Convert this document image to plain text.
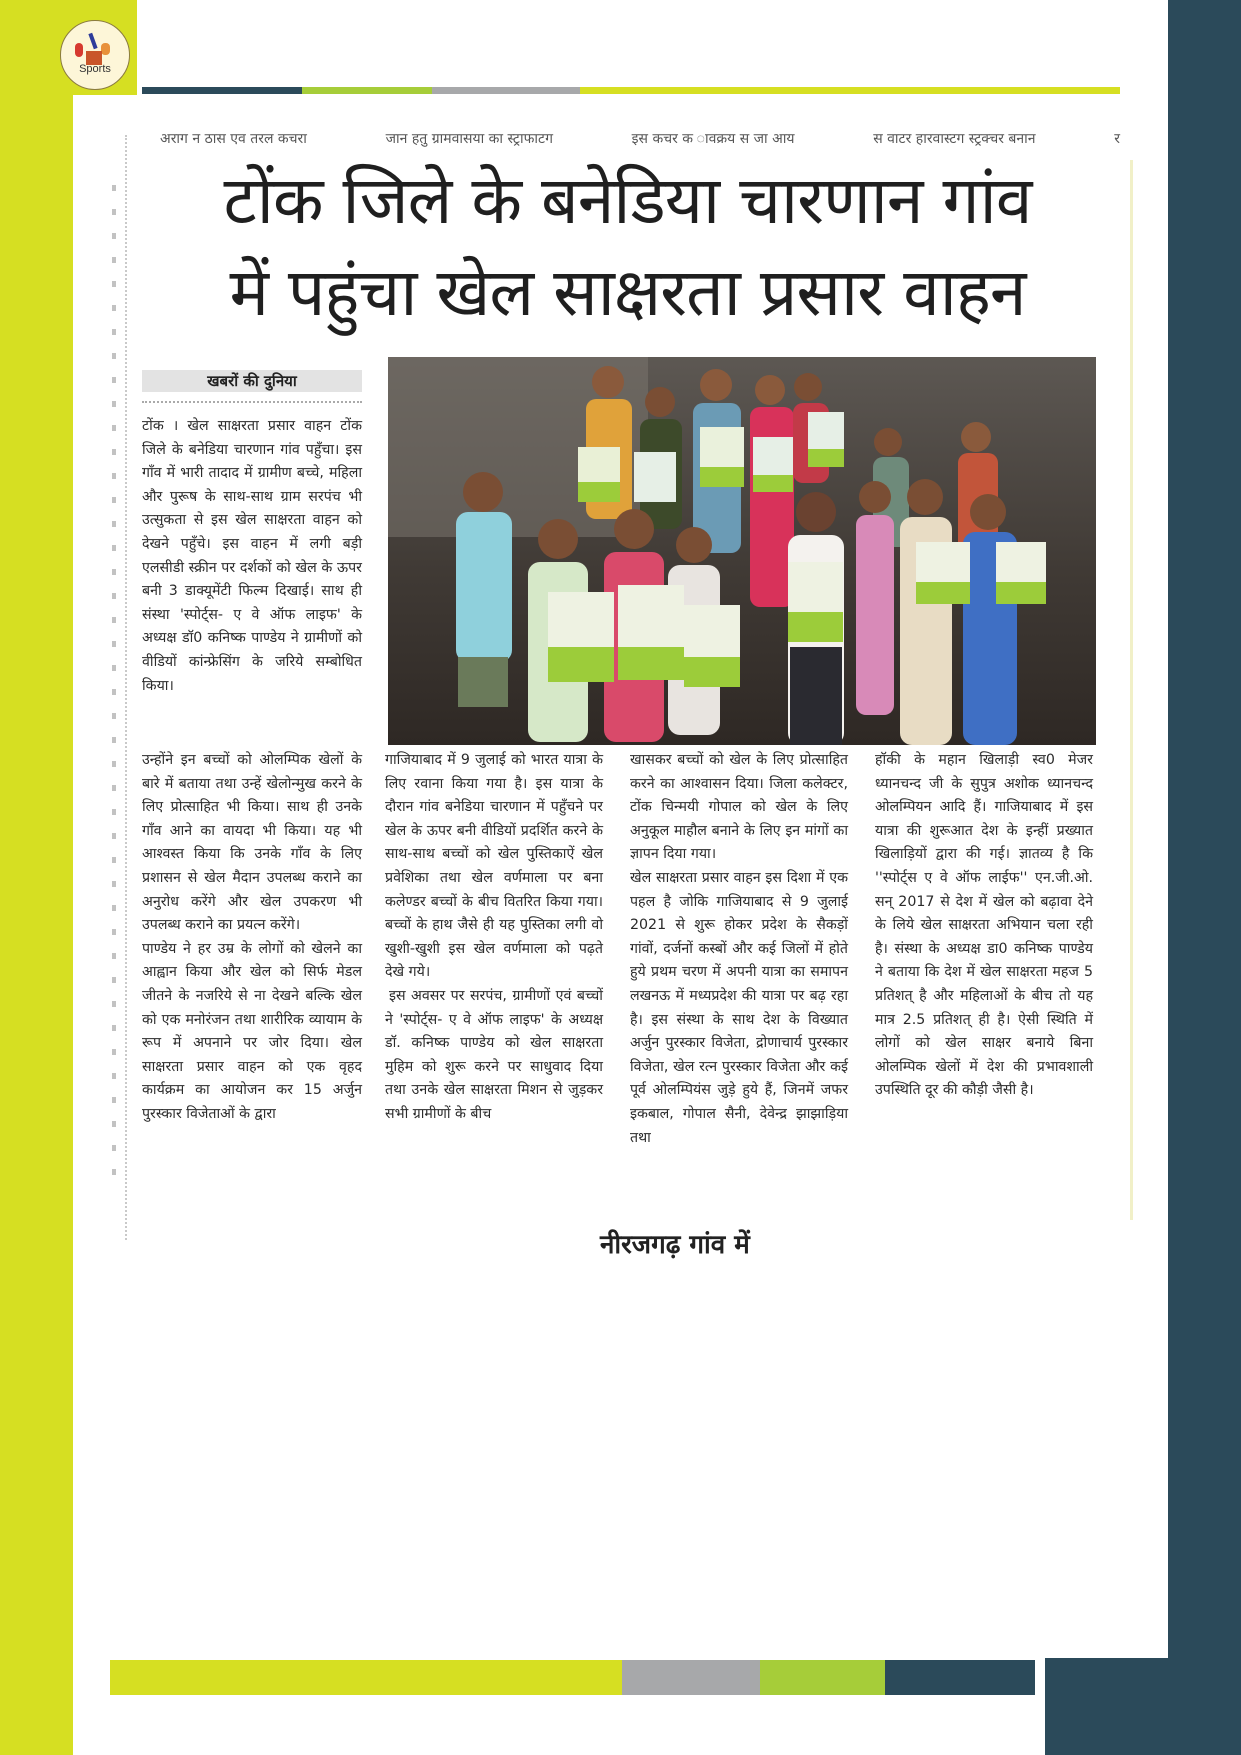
Sports
अराग न ठास एव तरल कचरा	जान हतु ग्रामवासया का स्ट्राफाटग	इस कचर क ावक्रय स जा आय	स वाटर हारवास्टग स्ट्रक्चर बनान	र
टोंक जिले के बनेडिया चारणान गांव
में पहुंचा खेल साक्षरता प्रसार वाहन
खबरों की दुनिया

टोंक । खेल साक्षरता प्रसार वाहन टोंक जिले के बनेडिया चारणान गांव पहुँचा। इस गाँव में भारी तादाद में ग्रामीण बच्चे, महिला और पुरूष के साथ-साथ ग्राम सरपंच भी उत्सुकता से इस खेल साक्षरता वाहन को देखने पहुँचे। इस वाहन में लगी बड़ी एलसीडी स्क्रीन पर दर्शकों को खेल के ऊपर बनी 3 डाक्यूमेंटी फिल्म दिखाई। साथ ही संस्था 'स्पोर्ट्स- ए वे ऑफ लाइफ' के अध्यक्ष डॉ0 कनिष्क पाण्डेय ने ग्रामीणों को वीडियों कांन्फ्रेसिंग के जरिये सम्बोधित किया।

उन्होंने इन बच्चों को ओलम्पिक खेलों के बारे में बताया तथा उन्हें खेलोन्मुख करने के लिए प्रोत्साहित भी किया। साथ ही उनके गाँव आने का वायदा भी किया। यह भी आश्वस्त किया कि उनके गाँव के लिए प्रशासन से खेल मैदान उपलब्ध कराने का अनुरोध करेंगे और खेल उपकरण भी उपलब्ध कराने का प्रयत्न करेंगे।

पाण्डेय ने हर उम्र के लोगों को खेलने का आह्वान किया और खेल को सिर्फ मेडल जीतने के नजरिये से ना देखने बल्कि खेल को एक मनोरंजन तथा शारीरिक व्यायाम के रूप में अपनाने पर जोर दिया। खेल साक्षरता प्रसार वाहन को एक वृहद कार्यक्रम का आयोजन कर 15 अर्जुन पुरस्कार विजेताओं के द्वारा

गाजियाबाद में 9 जुलाई को भारत यात्रा के लिए रवाना किया गया है। इस यात्रा के दौरान गांव बनेडिया चारणान में पहुँचने पर खेल के ऊपर बनी वीडियों प्रदर्शित करने के साथ-साथ बच्चों को खेल पुस्तिकाऐं खेल प्रवेशिका तथा खेल वर्णमाला पर बना कलेण्डर बच्चों के बीच वितरित किया गया। बच्चों के हाथ जैसे ही यह पुस्तिका लगी वो खुशी-खुशी इस खेल वर्णमाला को पढ़ते देखे गये।

इस अवसर पर सरपंच, ग्रामीणों एवं बच्चों ने 'स्पोर्ट्स- ए वे ऑफ लाइफ' के अध्यक्ष डॉ. कनिष्क पाण्डेय को खेल साक्षरता मुहिम को शुरू करने पर साधुवाद दिया तथा उनके खेल साक्षरता मिशन से जुड़कर सभी ग्रामीणों के बीच

खासकर बच्चों को खेल के लिए प्रोत्साहित करने का आश्वासन दिया। जिला कलेक्टर, टोंक चिन्मयी गोपाल को खेल के लिए अनुकूल माहौल बनाने के लिए इन मांगों का ज्ञापन दिया गया।

खेल साक्षरता प्रसार वाहन इस दिशा में एक पहल है जोकि गाजियाबाद से 9 जुलाई 2021 से शुरू होकर प्रदेश के सैकड़ों गांवों, दर्जनों कस्बों और कई जिलों में होते हुये प्रथम चरण में अपनी यात्रा का समापन लखनऊ में मध्यप्रदेश की यात्रा पर बढ़ रहा है। इस संस्था के साथ देश के विख्यात अर्जुन पुरस्कार विजेता, द्रोणाचार्य पुरस्कार विजेता, खेल रत्न पुरस्कार विजेता और कई पूर्व ओलम्पियंस जुड़े हुये हैं, जिनमें जफर इकबाल, गोपाल सैनी, देवेन्द्र झाझाड़िया तथा

हॉकी के महान खिलाड़ी स्व0 मेजर ध्यानचन्द जी के सुपुत्र अशोक ध्यानचन्द ओलम्पियन आदि हैं। गाजियाबाद में इस यात्रा की शुरूआत देश के इन्हीं प्रख्यात खिलाड़ियों द्वारा की गई। ज्ञातव्य है कि ''स्पोर्ट्स ए वे ऑफ लाईफ'' एन.जी.ओ. सन् 2017 से देश में खेल को बढ़ावा देने के लिये खेल साक्षरता अभियान चला रही है। संस्था के अध्यक्ष डा0 कनिष्क पाण्डेय ने बताया कि देश में खेल साक्षरता महज 5 प्रतिशत् है और महिलाओं के बीच तो यह मात्र 2.5 प्रतिशत् ही है। ऐसी स्थिति में लोगों को खेल साक्षर बनाये बिना ओलम्पिक खेलों में देश की प्रभावशाली उपस्थिति दूर की कौड़ी जैसी है।

नीरजगढ़ गांव में
